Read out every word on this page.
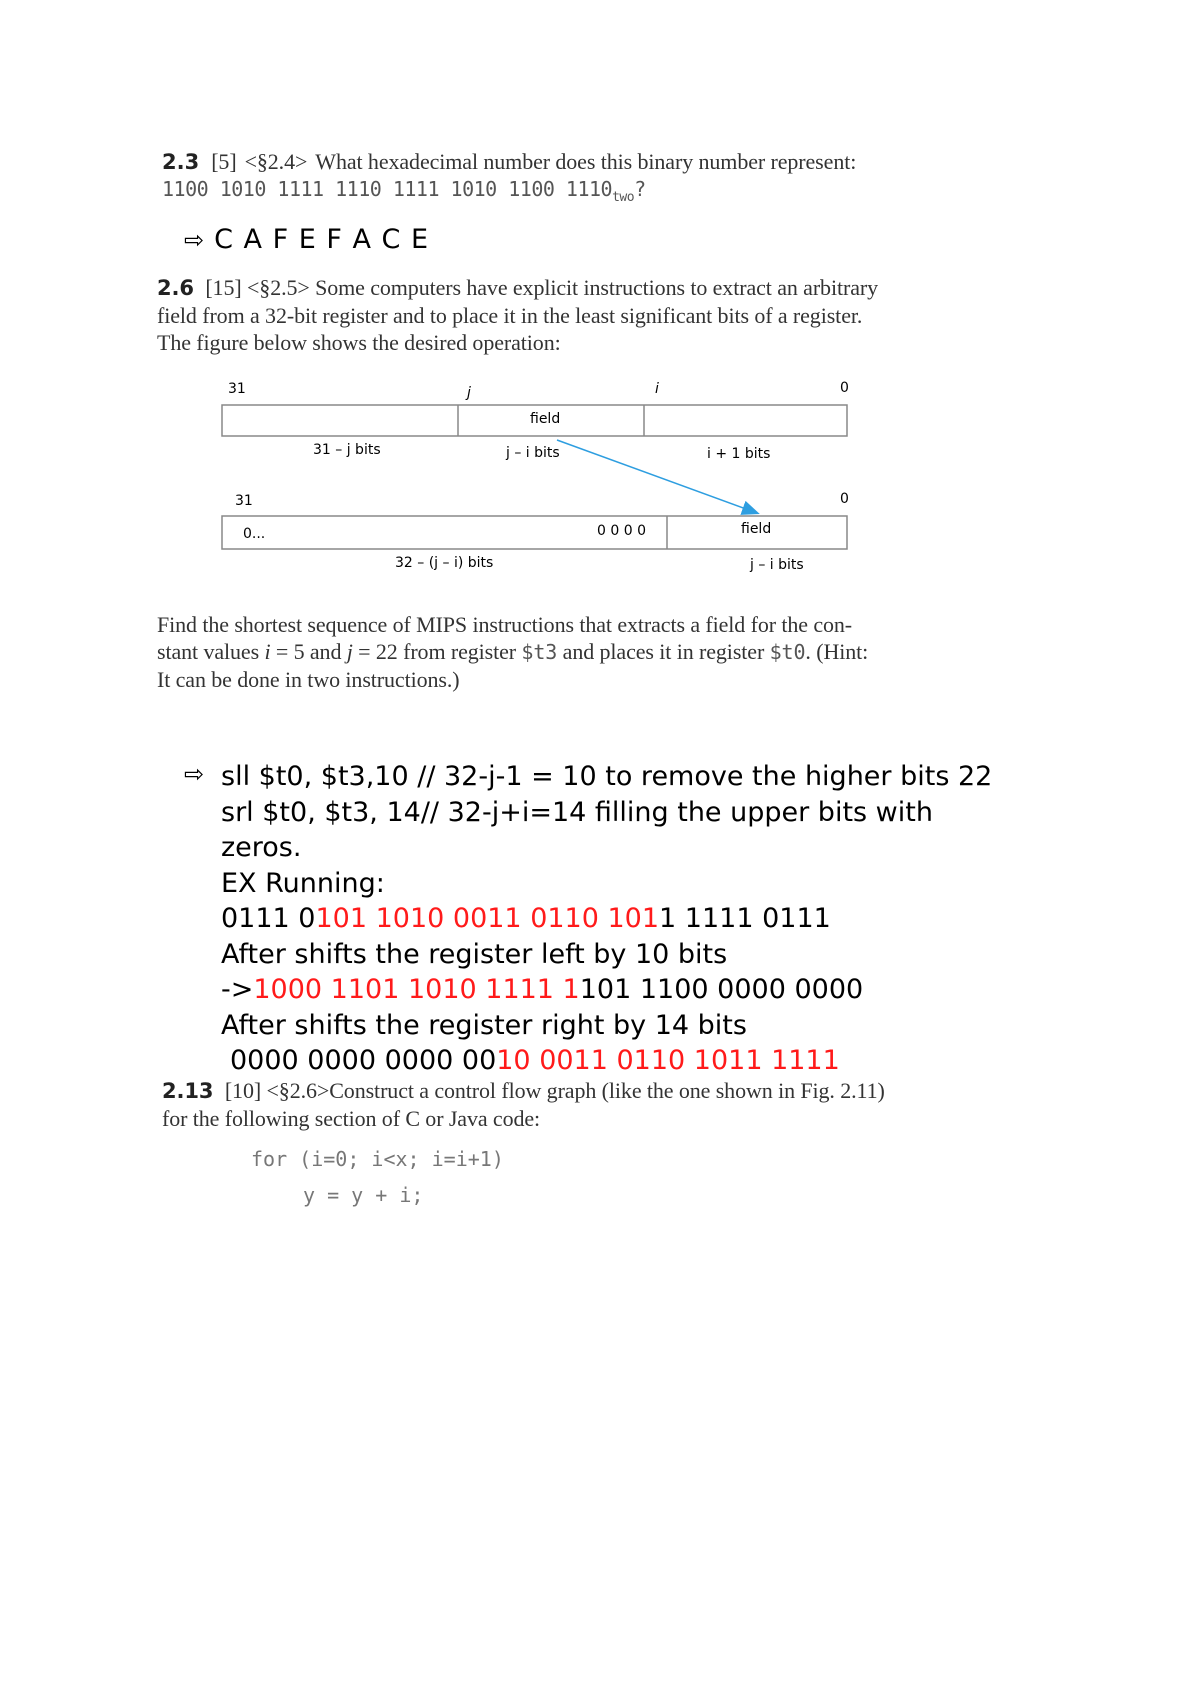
2.3 [5] <§2.4> What hexadecimal number does this binary number represent:
1100 1010 1111 1110 1111 1010 1100 $1110_{two}$?
⇨ C A F E F A C E
2.6 [15] <§2.5> Some computers have explicit instructions to extract an arbitrary
field from a 32-bit register and to place it in the least significant bits of a register.
The figure below shows the desired operation:
31	j	i	0
field
31 – j bits	j – i bits	i + 1 bits
31	0
0...	0 0 0 0	field
32 – (j – i) bits	j – i bits
Find the shortest sequence of MIPS instructions that extracts a field for the con-
stant values i = 5 and j = 22 from register $t3 and places it in register $t0. (Hint:
It can be done in two instructions.)
⇨ sll $t0, $t3,10 // 32-j-1 = 10 to remove the higher bits 22
srl $t0, $t3, 14// 32-j+i=14 filling the upper bits with
zeros.
EX Running:
0111 0101 1010 0011 0110 1011 1111 0111
After shifts the register left by 10 bits
->1000 1101 1010 1111 1101 1100 0000 0000
After shifts the register right by 14 bits
0000 0000 0000 0010 0011 0110 1011 1111
2.13 [10] <§2.6>Construct a control flow graph (like the one shown in Fig. 2.11)
for the following section of C or Java code:
for (i=0; i<x; i=i+1)
y = y + i;
